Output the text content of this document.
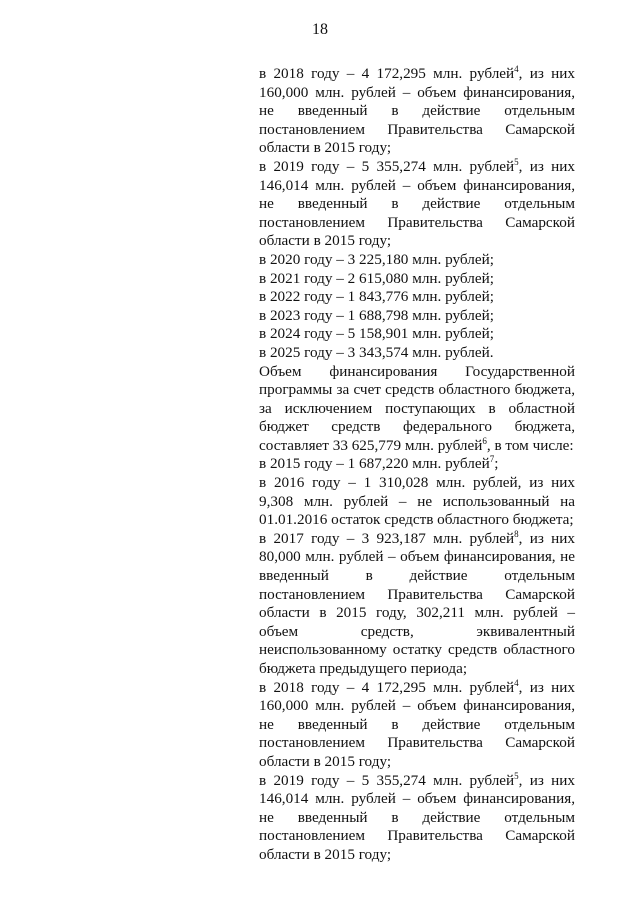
18

в 2018 году – 4 172,295 млн. рублей$^4$, из них 160,000 млн. рублей – объем финансирования, не введенный в действие отдельным постановлением Правительства Самарской области в 2015 году;

в 2019 году – 5 355,274 млн. рублей$^5$, из них 146,014 млн. рублей – объем финансирования, не введенный в действие отдельным постановлением Правительства Самарской области в 2015 году;

в 2020 году – 3 225,180 млн. рублей;

в 2021 году – 2 615,080 млн. рублей;

в 2022 году – 1 843,776 млн. рублей;

в 2023 году – 1 688,798 млн. рублей;

в 2024 году – 5 158,901 млн. рублей;

в 2025 году – 3 343,574 млн. рублей.

Объем финансирования Государственной программы за счет средств областного бюджета, за исключением поступающих в областной бюджет средств федерального бюджета, составляет 33 625,779 млн. рублей$^6$, в том числе:

в 2015 году – 1 687,220 млн. рублей$^7$;

в 2016 году – 1 310,028 млн. рублей, из них 9,308 млн. рублей – не использованный на 01.01.2016 остаток средств областного бюджета;

в 2017 году – 3 923,187 млн. рублей$^8$, из них 80,000 млн. рублей – объем финансирования, не введенный в действие отдельным постановлением Правительства Самарской области в 2015 году, 302,211 млн. рублей – объем средств, эквивалентный неиспользованному остатку средств областного бюджета предыдущего периода;

в 2018 году – 4 172,295 млн. рублей$^4$, из них 160,000 млн. рублей – объем финансирования, не введенный в действие отдельным постановлением Правительства Самарской области в 2015 году;

в 2019 году – 5 355,274 млн. рублей$^5$, из них 146,014 млн. рублей – объем финансирования, не введенный в действие отдельным постановлением Правительства Самарской области в 2015 году;
